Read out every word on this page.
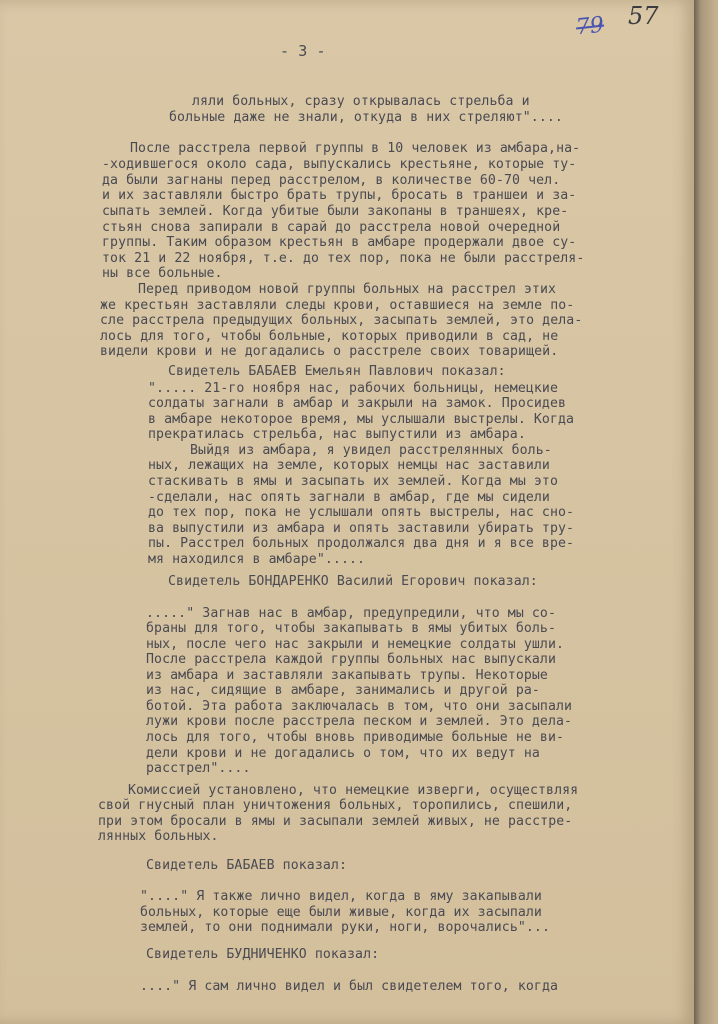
79 57

- 3 -

ляли больных, сразу открывалась стрельба и

больные даже не знали, откуда в них стреляют"....

После расстрела первой группы в 10 человек из амбара,на-

-ходившегося около сада, выпускались крестьяне, которые ту-

да были загнаны перед расстрелом, в количестве 60-70 чел.

и их заставляли быстро брать трупы, бросать в траншеи и за-

сыпать землей. Когда убитые были закопаны в траншеях, кре-

стьян снова запирали в сарай до расстрела новой очередной

группы. Таким образом крестьян в амбаре продержали двое су-

ток 21 и 22 ноября, т.е. до тех пор, пока не были расстреля-

ны все больные.

Перед приводом новой группы больных на расстрел этих

же крестьян заставляли следы крови, оставшиеся на земле по-

сле расстрела предыдущих больных, засыпать землей, это дела-

лось для того, чтобы больные, которых приводили в сад, не

видели крови и не догадались о расстреле своих товарищей.

Свидетель БАБАЕВ Емельян Павлович показал:

"..... 21-го ноября нас, рабочих больницы, немецкие

солдаты загнали в амбар и закрыли на замок. Просидев

в амбаре некоторое время, мы услышали выстрелы. Когда

прекратилась стрельба, нас выпустили из амбара.

Выйдя из амбара, я увидел расстрелянных боль-

ных, лежащих на земле, которых немцы нас заставили

стаскивать в ямы и засыпать их землей. Когда мы это

-сделали, нас опять загнали в амбар, где мы сидели

до тех пор, пока не услышали опять выстрелы, нас сно-

ва выпустили из амбара и опять заставили убирать тру-

пы. Расстрел больных продолжался два дня и я все вре-

мя находился в амбаре".....

Свидетель БОНДАРЕНКО Василий Егорович показал:

....." Загнав нас в амбар, предупредили, что мы со-

браны для того, чтобы закапывать в ямы убитых боль-

ных, после чего нас закрыли и немецкие солдаты ушли.

После расстрела каждой группы больных нас выпускали

из амбара и заставляли закапывать трупы. Некоторые

из нас, сидящие в амбаре, занимались и другой ра-

ботой. Эта работа заключалась в том, что они засыпали

лужи крови после расстрела песком и землей. Это дела-

лось для того, чтобы вновь приводимые больные не ви-

дели крови и не догадались о том, что их ведут на

расстрел"....

Комиссией установлено, что немецкие изверги, осуществляя

свой гнусный план уничтожения больных, торопились, спешили,

при этом бросали в ямы и засыпали землей живых, не расстре-

лянных больных.

Свидетель БАБАЕВ показал:

"...." Я также лично видел, когда в яму закапывали

больных, которые еще были живые, когда их засыпали

землей, то они поднимали руки, ноги, ворочались"...

Свидетель БУДНИЧЕНКО показал:

...." Я сам лично видел и был свидетелем того, когда
